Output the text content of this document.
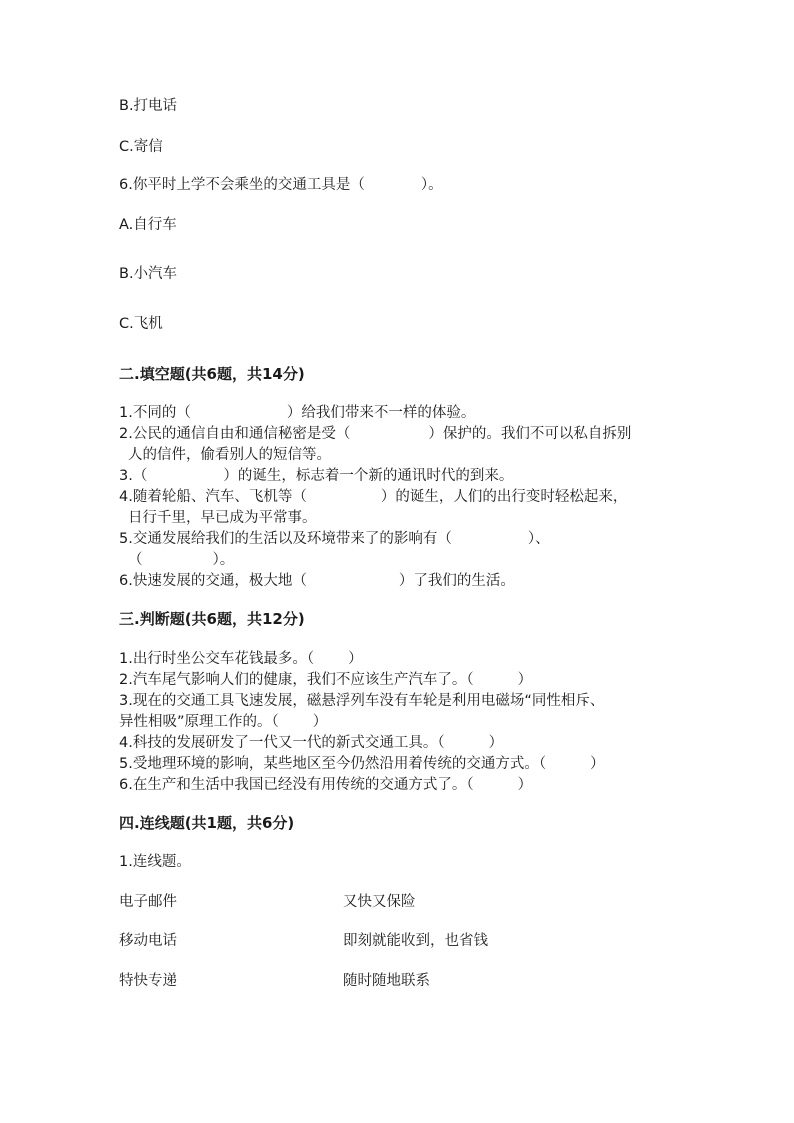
B.打电话
C.寄信
6.你平时上学不会乘坐的交通工具是（	）。
A.自行车
B.小汽车
C.飞机
二.填空题(共6题，共14分)
1.不同的（	）给我们带来不一样的体验。
2.公民的通信自由和通信秘密是受（	）保护的。我们不可以私自拆别
人的信件，偷看别人的短信等。
3.（	）的诞生，标志着一个新的通讯时代的到来。
4.随着轮船、汽车、飞机等（	）的诞生，人们的出行变时轻松起来，
日行千里，早已成为平常事。
5.交通发展给我们的生活以及环境带来了的影响有（	）、
（	）。
6.快速发展的交通，极大地（	）了我们的生活。
三.判断题(共6题，共12分)
1.出行时坐公交车花钱最多。（ ）
2.汽车尾气影响人们的健康，我们不应该生产汽车了。（	）
3.现在的交通工具飞速发展，磁悬浮列车没有车轮是利用电磁场“同性相斥、
异性相吸”原理工作的。（ ）
4.科技的发展研发了一代又一代的新式交通工具。（	）
5.受地理环境的影响，某些地区至今仍然沿用着传统的交通方式。（	）
6.在生产和生活中我国已经没有用传统的交通方式了。（	）
四.连线题(共1题，共6分)
1.连线题。
电子邮件	又快又保险
移动电话	即刻就能收到，也省钱
特快专递	随时随地联系
